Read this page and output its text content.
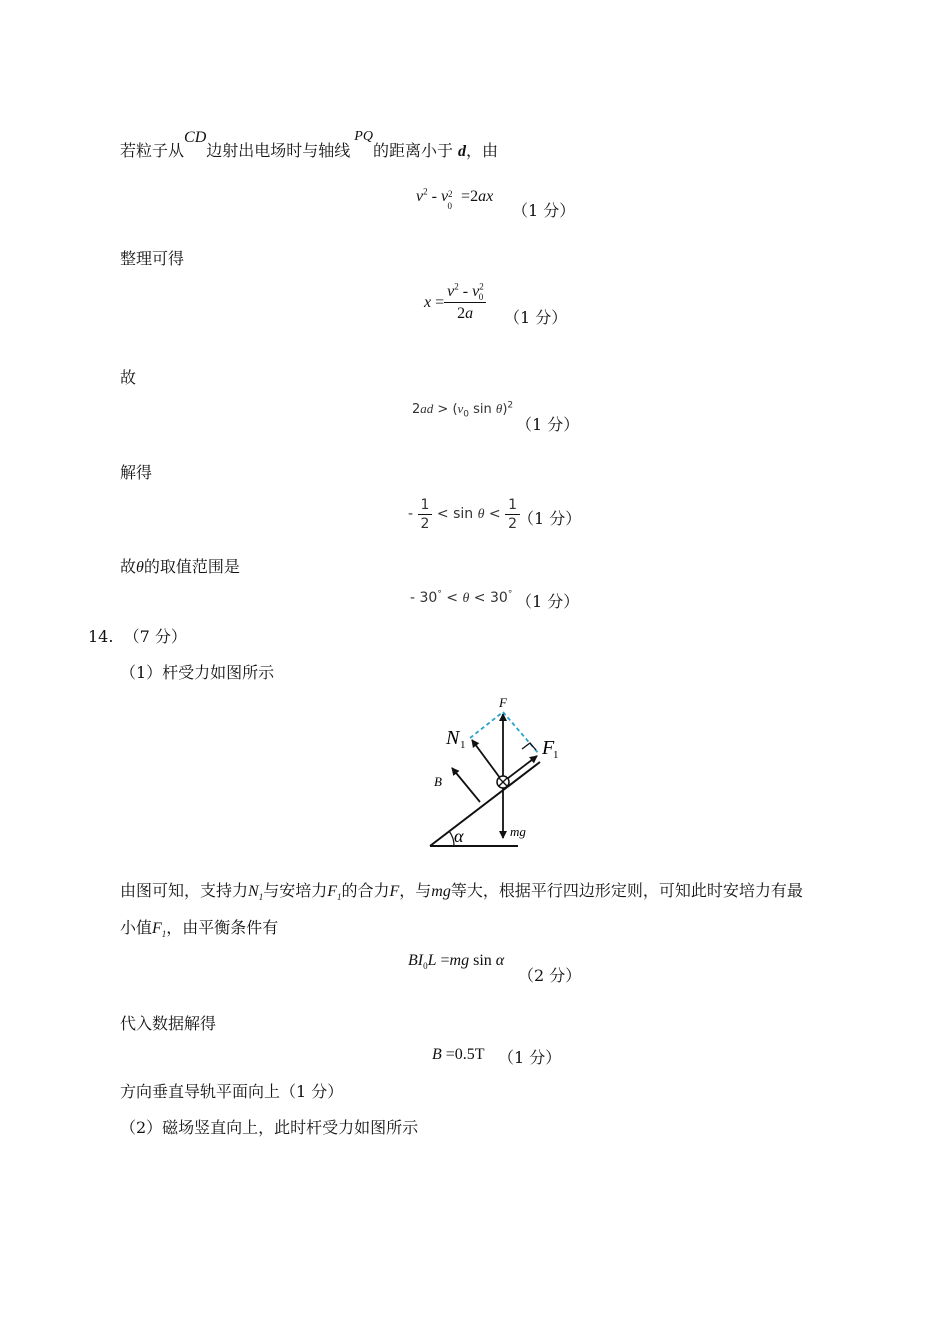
若粒子从CD边射出电场时与轴线PQ的距离小于 d，由
$v^2 - v_{^20} =2ax$
（1 分）
整理可得
$x = \frac{v^2 - v^2_0}{2a} (1$ 分）
故
$2ad > (v_0$ sin θ)$^2$
（1 分）
解得
- $\frac{1}{2} < \sin \theta < \frac{1}{2}$
（1 分）
故θ的取值范围是
- 30° < θ < 30° （1 分）
14. （7 分）
（1）杆受力如图所示
F
N 1	F
1
B
mg
α
由图可知，支持力$N_1$与安培力$F_1$的合力F，与mg等大，根据平行四边形定则，可知此时安培力有最
小值$F_1$，由平衡条件有
$BI_0L =mg$ sin α
（2 分）
代入数据解得
B =0.5T （1 分）
方向垂直导轨平面向上（1 分）
（2）磁场竖直向上，此时杆受力如图所示
